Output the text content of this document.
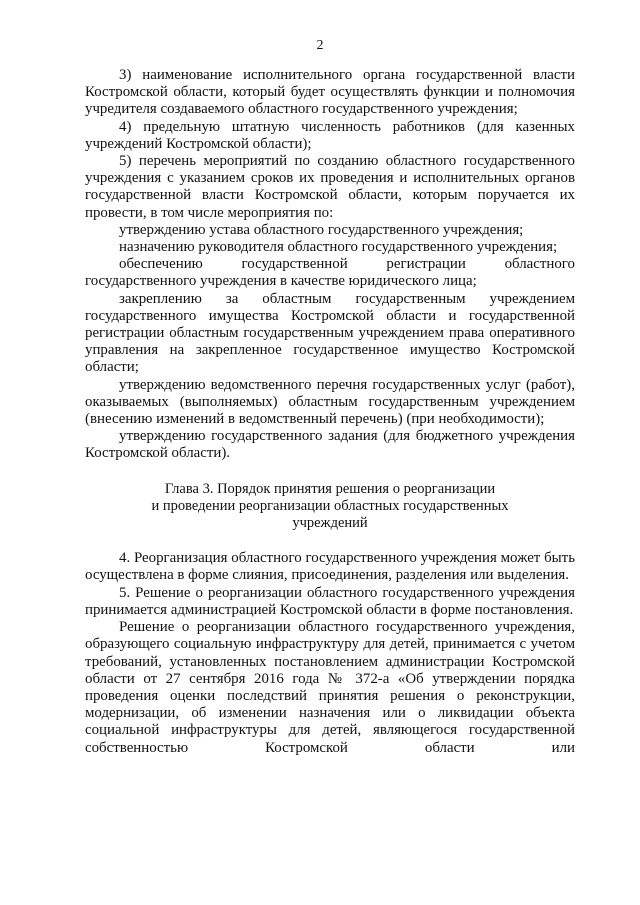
2

3) наименование исполнительного органа государственной власти Костромской области, который будет осуществлять функции и полномочия учредителя создаваемого областного государственного учреждения;

4) предельную штатную численность работников (для казенных учреждений Костромской области);

5) перечень мероприятий по созданию областного государственного учреждения с указанием сроков их проведения и исполнительных органов государственной власти Костромской области, которым поручается их провести, в том числе мероприятия по:

утверждению устава областного государственного учреждения;

назначению руководителя областного государственного учреждения;

обеспечению государственной регистрации областного государственного учреждения в качестве юридического лица;

закреплению за областным государственным учреждением государственного имущества Костромской области и государственной регистрации областным государственным учреждением права оперативного управления на закрепленное государственное имущество Костромской области;

утверждению ведомственного перечня государственных услуг (работ), оказываемых (выполняемых) областным государственным учреждением (внесению изменений в ведомственный перечень) (при необходимости);

утверждению государственного задания (для бюджетного учреждения Костромской области).

Глава 3. Порядок принятия решения о реорганизации
и проведении реорганизации областных государственных
учреждений

4. Реорганизация областного государственного учреждения может быть осуществлена в форме слияния, присоединения, разделения или выделения.

5. Решение о реорганизации областного государственного учреждения принимается администрацией Костромской области в форме постановления.

Решение о реорганизации областного государственного учреждения, образующего социальную инфраструктуру для детей, принимается с учетом требований, установленных постановлением администрации Костромской области от 27 сентября 2016 года № 372-а «Об утверждении порядка проведения оценки последствий принятия решения о реконструкции, модернизации, об изменении назначения или о ликвидации объекта социальной инфраструктуры для детей, являющегося государственной собственностью Костромской области или
